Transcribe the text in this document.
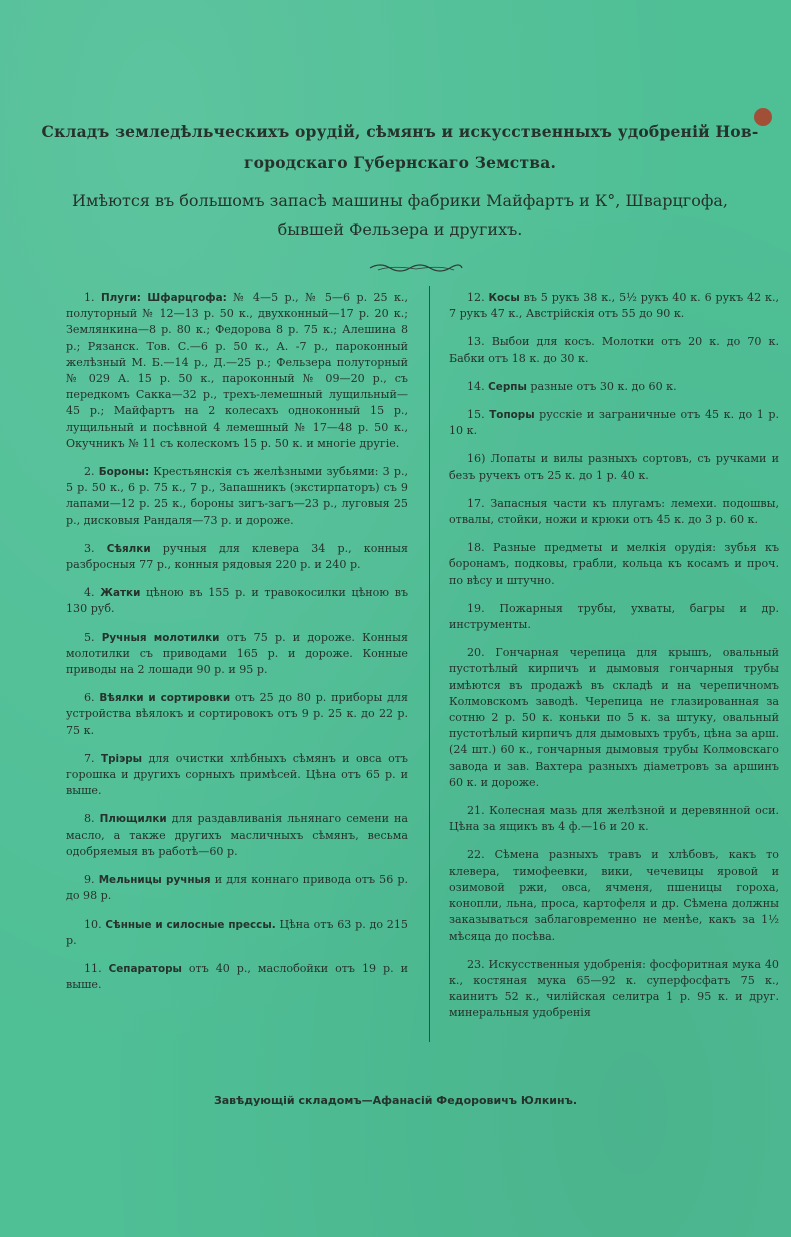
Складъ земледѣльческихъ орудій, сѣмянъ и искусственныхъ удобреній Нов-
городскаго Губернскаго Земства.
Имѣются въ большомъ запасѣ машины фабрики Майфартъ и К°, Шварцгофа,
бывшей Фельзера и другихъ.
1. Плуги: Шфарцгофа: № 4—5 р., № 5—6 р. 25 к., полуторный № 12—13 р. 50 к., двухконный—17 р. 20 к.; Землянкина—8 р. 80 к.; Федорова 8 р. 75 к.; Алешина 8 р.; Рязанск. Тов. С.—6 р. 50 к., А. -7 р., пароконный желѣзный М. Б.—14 р., Д.—25 р.; Фельзера полуторный № 029 А. 15 р. 50 к., пароконный № 09—20 р., съ передкомъ Сакка—32 р., трехъ-лемешный лущильный—45 р.; Майфартъ на 2 колесахъ одноконный 15 р., лущильный и посѣвной 4 лемешный № 17—48 р. 50 к., Окучникъ № 11 съ колескомъ 15 р. 50 к. и многіе другіе.
2. Бороны: Крестьянскія съ желѣзными зубьями: 3 р., 5 р. 50 к., 6 р. 75 к., 7 р., Запашникъ (экстирпаторъ) съ 9 лапами—12 р. 25 к., бороны зигъ-загъ—23 р., луговыя 25 р., дисковыя Рандаля—73 р. и дороже.
3. Сѣялки ручныя для клевера 34 р., конныя разбросныя 77 р., конныя рядовыя 220 р. и 240 р.
4. Жатки цѣною въ 155 р. и травокосилки цѣною въ 130 руб.
5. Ручныя молотилки отъ 75 р. и дороже. Конныя молотилки съ приводами 165 р. и дороже. Конные приводы на 2 лошади 90 р. и 95 р.
6. Вѣялки и сортировки отъ 25 до 80 р. приборы для устройства вѣялокъ и сортировокъ отъ 9 р. 25 к. до 22 р. 75 к.
7. Тріэры для очистки хлѣбныхъ сѣмянъ и овса отъ горошка и другихъ сорныхъ примѣсей. Цѣна отъ 65 р. и выше.
8. Плющилки для раздавливанія льнянаго семени на масло, а также другихъ масличныхъ сѣмянъ, весьма одобряемыя въ работѣ—60 р.
9. Мельницы ручныя и для коннаго привода отъ 56 р. до 98 р.
10. Сѣнные и силосные прессы. Цѣна отъ 63 р. до 215 р.
11. Сепараторы отъ 40 р., маслобойки отъ 19 р. и выше.
12. Косы въ 5 рукъ 38 к., 5½ рукъ 40 к. 6 рукъ 42 к., 7 рукъ 47 к., Австрійскія отъ 55 до 90 к.
13. Выбои для косъ. Молотки отъ 20 к. до 70 к. Бабки отъ 18 к. до 30 к.
14. Серпы разные отъ 30 к. до 60 к.
15. Топоры русскіе и заграничные отъ 45 к. до 1 р. 10 к.
16) Лопаты и вилы разныхъ сортовъ, съ ручками и безъ ручекъ отъ 25 к. до 1 р. 40 к.
17. Запасныя части къ плугамъ: лемехи. подошвы, отвалы, стойки, ножи и крюки отъ 45 к. до 3 р. 60 к.
18. Разные предметы и мелкія орудія: зубья къ боронамъ, подковы, грабли, кольца къ косамъ и проч. по вѣсу и штучно.
19. Пожарныя трубы, ухваты, багры и др. инструменты.
20. Гончарная черепица для крышъ, овальный пустотѣлый кирпичъ и дымовыя гончарныя трубы имѣются въ продажѣ въ складѣ и на черепичномъ Колмовскомъ заводѣ. Черепица не глазированная за сотню 2 р. 50 к. коньки по 5 к. за штуку, овальный пустотѣлый кирпичъ для дымовыхъ трубъ, цѣна за арш. (24 шт.) 60 к., гончарныя дымовыя трубы Колмовскаго завода и зав. Вахтера разныхъ діаметровъ за аршинъ 60 к. и дороже.
21. Колесная мазь для желѣзной и деревянной оси. Цѣна за ящикъ въ 4 ф.—16 и 20 к.
22. Сѣмена разныхъ травъ и хлѣбовъ, какъ то клевера, тимофеевки, вики, чечевицы яровой и озимовой ржи, овса, ячменя, пшеницы гороха, конопли, льна, проса, картофеля и др. Сѣмена должны заказываться заблаговременно не менѣе, какъ за 1½ мѣсяца до посѣва.
23. Искусственныя удобренія: фосфоритная мука 40 к., костяная мука 65—92 к. суперфосфатъ 75 к., каинитъ 52 к., чилійская селитра 1 р. 95 к. и друг. минеральныя удобренія
Завѣдующій складомъ—Афанасій Федоровичъ Юлкинъ.
